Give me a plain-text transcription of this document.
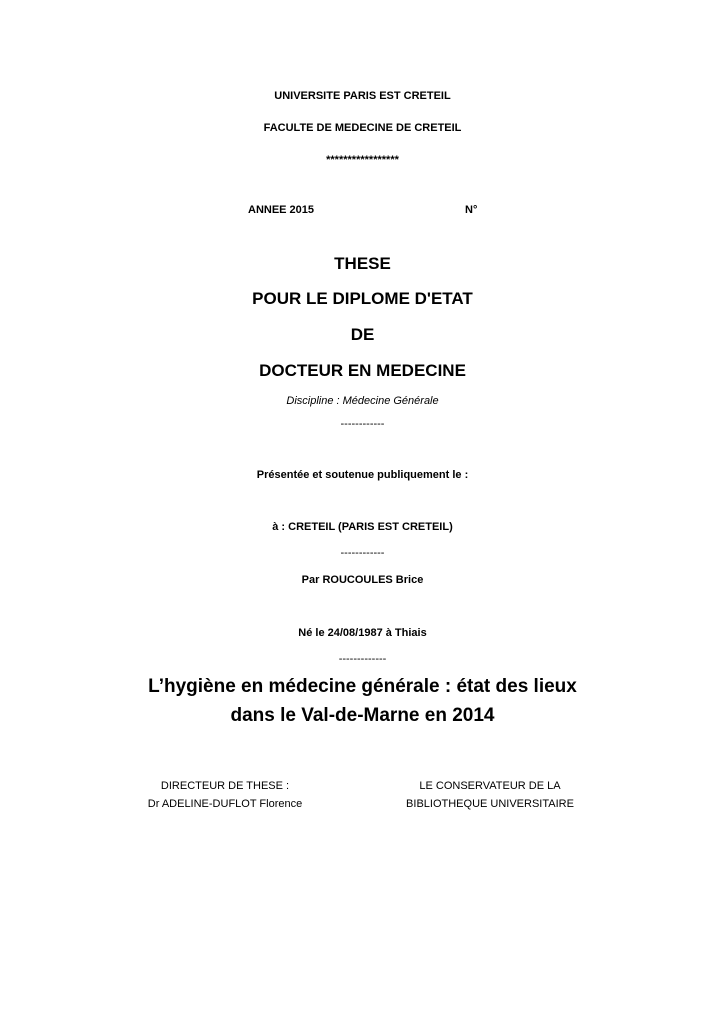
UNIVERSITE PARIS EST CRETEIL
FACULTE DE MEDECINE DE CRETEIL
*****************
ANNEE 2015	N°
THESE
POUR LE DIPLOME D'ETAT
DE
DOCTEUR EN MEDECINE
Discipline : Médecine Générale
------------
Présentée et soutenue publiquement le :
à : CRETEIL (PARIS EST CRETEIL)
------------
Par ROUCOULES Brice
Né le 24/08/1987 à Thiais
-------------
L’hygiène en médecine générale : état des lieux
dans le Val-de-Marne en 2014
DIRECTEUR DE THESE :
Dr ADELINE-DUFLOT Florence
LE CONSERVATEUR DE LA
BIBLIOTHEQUE UNIVERSITAIRE
